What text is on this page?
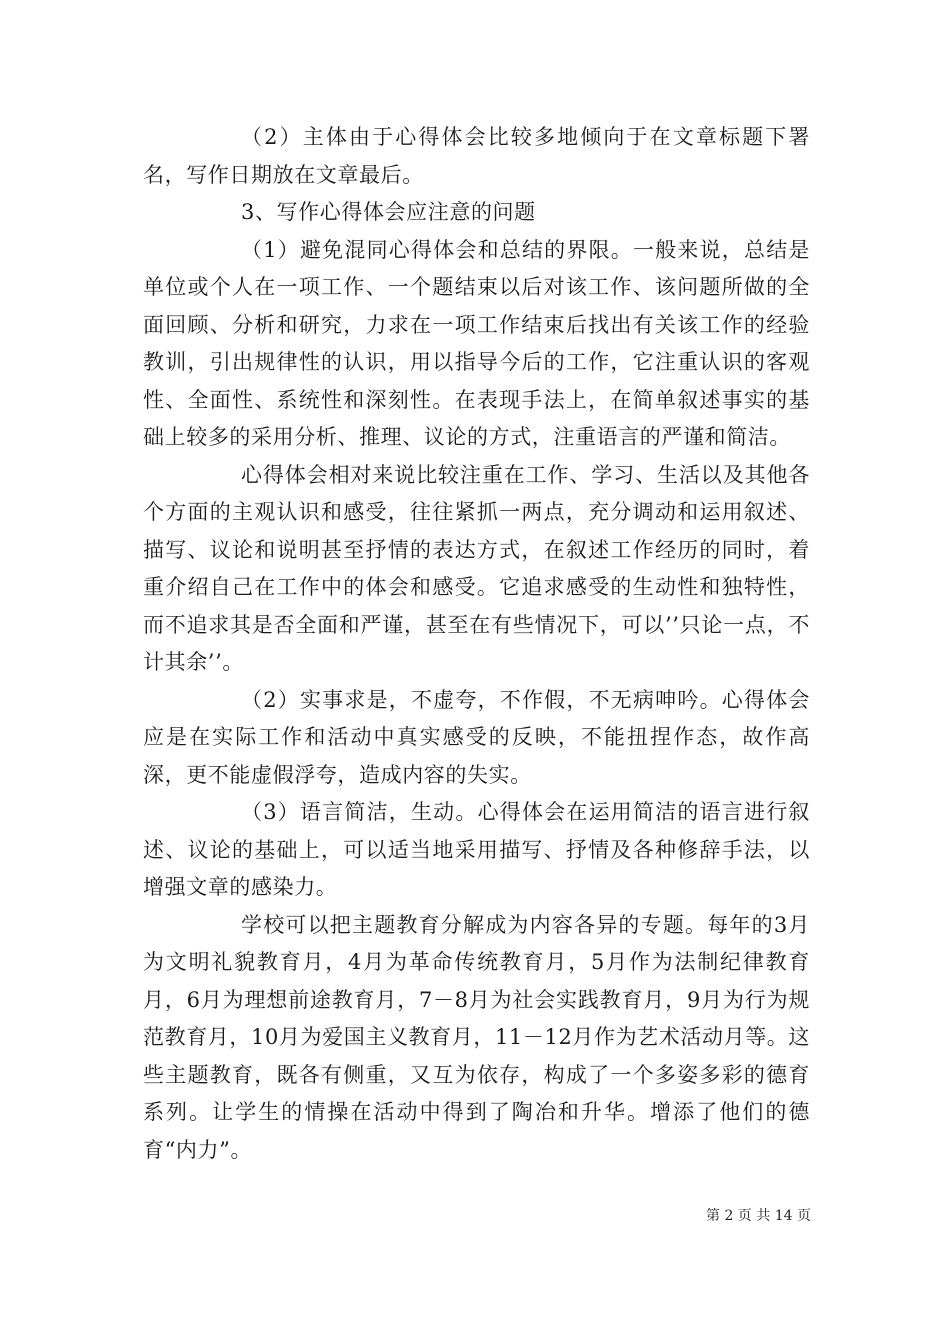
（2）主体由于心得体会比较多地倾向于在文章标题下署名，写作日期放在文章最后。

3、写作心得体会应注意的问题

（1）避免混同心得体会和总结的界限。一般来说，总结是单位或个人在一项工作、一个题结束以后对该工作、该问题所做的全面回顾、分析和研究，力求在一项工作结束后找出有关该工作的经验教训，引出规律性的认识，用以指导今后的工作，它注重认识的客观性、全面性、系统性和深刻性。在表现手法上，在简单叙述事实的基础上较多的采用分析、推理、议论的方式，注重语言的严谨和简洁。

心得体会相对来说比较注重在工作、学习、生活以及其他各个方面的主观认识和感受，往往紧抓一两点，充分调动和运用叙述、描写、议论和说明甚至抒情的表达方式，在叙述工作经历的同时，着重介绍自己在工作中的体会和感受。它追求感受的生动性和独特性，而不追求其是否全面和严谨，甚至在有些情况下，可以’’只论一点，不计其余’’。

（2）实事求是，不虚夸，不作假，不无病呻吟。心得体会应是在实际工作和活动中真实感受的反映，不能扭捏作态，故作高深，更不能虚假浮夸，造成内容的失实。

（3）语言简洁，生动。心得体会在运用简洁的语言进行叙述、议论的基础上，可以适当地采用描写、抒情及各种修辞手法，以增强文章的感染力。

学校可以把主题教育分解成为内容各异的专题。每年的3月为文明礼貌教育月，4月为革命传统教育月，5月作为法制纪律教育月，6月为理想前途教育月，7－8月为社会实践教育月，9月为行为规范教育月，10月为爱国主义教育月，11－12月作为艺术活动月等。这些主题教育，既各有侧重，又互为依存，构成了一个多姿多彩的德育系列。让学生的情操在活动中得到了陶冶和升华。增添了他们的德育“内力”。

第 2 页 共 14 页
